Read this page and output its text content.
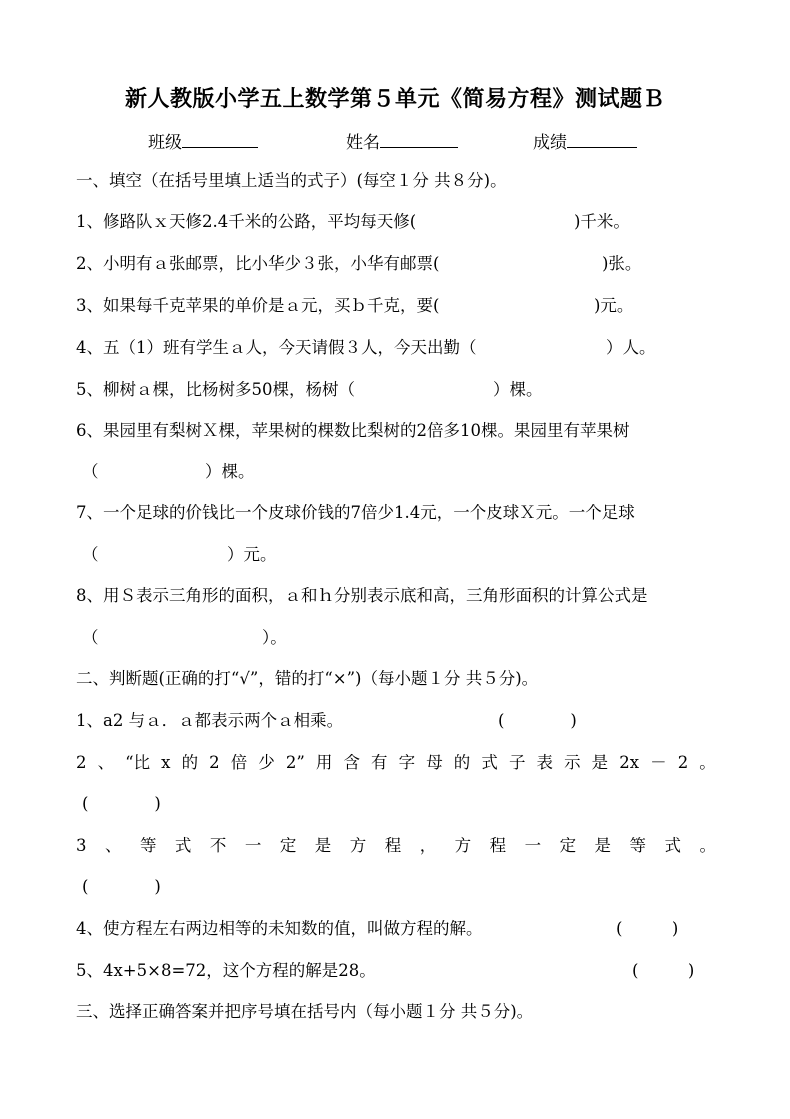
新人教版小学五上数学第５单元《简易方程》测试题Ｂ
班级	姓名	成绩
一、填空（在括号里填上适当的式子）(每空１分 共８分)。
1、修路队ｘ天修2.4千米的公路，平均每天修(	)千米。
2、小明有ａ张邮票，比小华少３张，小华有邮票(	)张。
3、如果每千克苹果的单价是ａ元，买ｂ千克，要(	)元。
4、五（1）班有学生ａ人，今天请假３人，今天出勤（	）人。
5、柳树ａ棵，比杨树多50棵，杨树（	）棵。
6、果园里有梨树Ｘ棵，苹果树的棵数比梨树的2倍多10棵。果园里有苹果树
（	）棵。
7、一个足球的价钱比一个皮球价钱的7倍少1.4元，一个皮球Ｘ元。一个足球
（	）元。
8、用Ｓ表示三角形的面积，ａ和ｈ分别表示底和高，三角形面积的计算公式是
（	）。
二、判断题(正确的打“√”，错的打“×”)（每小题１分 共５分)。
1、a2 与ａ．ａ都表示两个ａ相乘。	(　　　　)
2 、 “比 x 的 2 倍 少 2” 用 含 有 字 母 的 式 子 表 示 是 2x － 2 。
(　　　　)
3 、 等 式 不 一 定 是 方 程 ， 方 程 一 定 是 等 式 。
(　　　　)
4、使方程左右两边相等的未知数的值，叫做方程的解。	(　　　)
5、4x+5×8=72，这个方程的解是28。	(　　　)
三、选择正确答案并把序号填在括号内（每小题１分 共５分)。
